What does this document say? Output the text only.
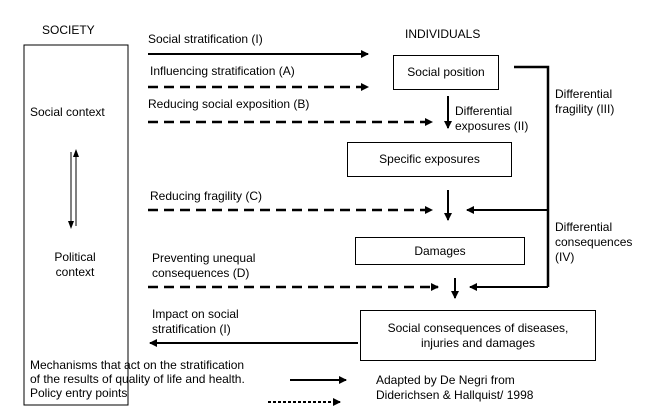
SOCIETY	INDIVIDUALS
Social context
Political
context
Social stratification (I)
Influencing stratification (A)
Reducing social exposition (B)
Reducing fragility (C)
Preventing unequal
consequences (D)
Impact on social
stratification (I)
Social position
Specific exposures
Damages
Social consequences of diseases,
injuries and damages
Differential
exposures (II)
Differential
fragility (III)
Differential
consequences
(IV)
Mechanisms that act on the stratification
of the results of quality of life and health.
Policy entry points
Adapted by De Negri from
Diderichsen & Hallquist/ 1998
